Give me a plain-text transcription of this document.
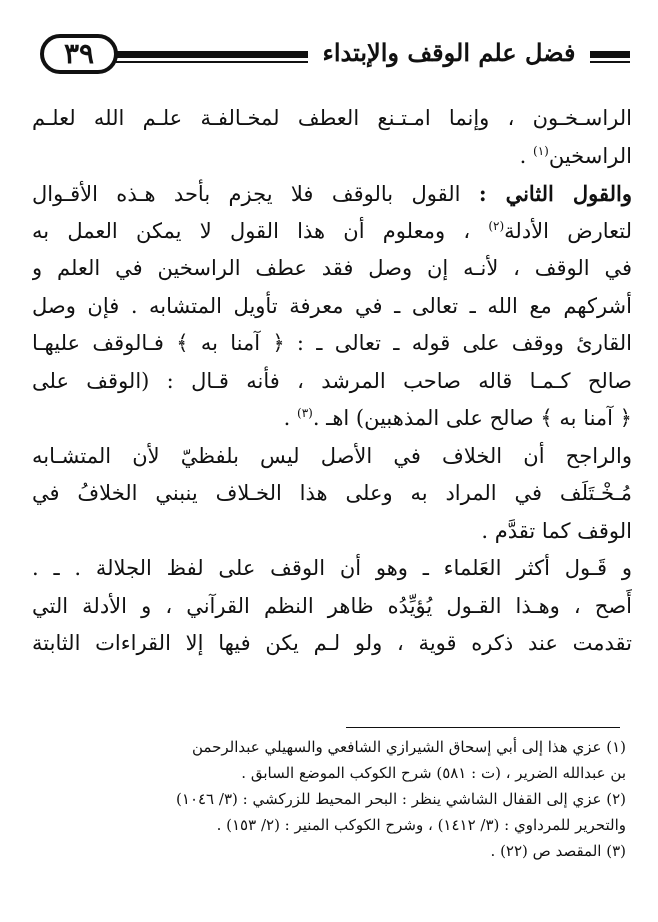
٣٩	فضل علم الوقف والإبتداء
الراسـخـون ، وإنما امـتـنع العطف لمخـالفـة علـم الله لعلـم
الراسخين$^{(١)}$ .
والقول الثاني : القول بالوقف فلا يجزم بأحد هـذه الأقـوال
لتعارض الأدلة$^{(٢)}$ ، ومعلوم أن هذا القول لا يمكن العمل به
في الوقف ، لأنـه إن وصل فقد عطف الراسخين في العلم و
أشركهم مع الله ـ تعالى ـ في معرفة تأويل المتشابه . فإن وصل
القارئ ووقف على قوله ـ تعالى ـ : ﴿ آمنا به ﴾ فـالوقف عليهـا
صالح كـمـا قاله صاحب المرشد ، فأنه قـال : (الوقف على
﴿ آمنا به ﴾ صالح على المذهبين) اهـ .$^{(٣)}$ .
والراجح أن الخلاف في الأصل ليس بلفظيّ لأن المتشـابه
مُـخْـتَلَف في المراد به وعلى هذا الخـلاف ينبني الخلافُ في
الوقف كما تقدَّم .
و قَـول أكثر العَلماء ـ وهو أن الوقف على لفظ الجلالة . ـ .
أَصح ، وهـذا القـول يُؤيِّدُه ظاهر النظم القرآني ، و الأدلة التي
تقدمت عند ذكره قوية ، ولو لـم يكن فيها إلا القراءات الثابتة
(١) عزي هذا إلى أبي إسحاق الشيرازي الشافعي والسهيلي عبدالرحمن
بن عبدالله الضرير ، (ت : ٥٨١) شرح الكوكب الموضع السابق .
(٢) عزي إلى القفال الشاشي ينظر : البحر المحيط للزركشي : (٣/ ١٠٤٦)
والتحرير للمرداوي : (٣/ ١٤١٢) ، وشرح الكوكب المنير : (٢/ ١٥٣) .
(٣) المقصد ص (٢٢) .
